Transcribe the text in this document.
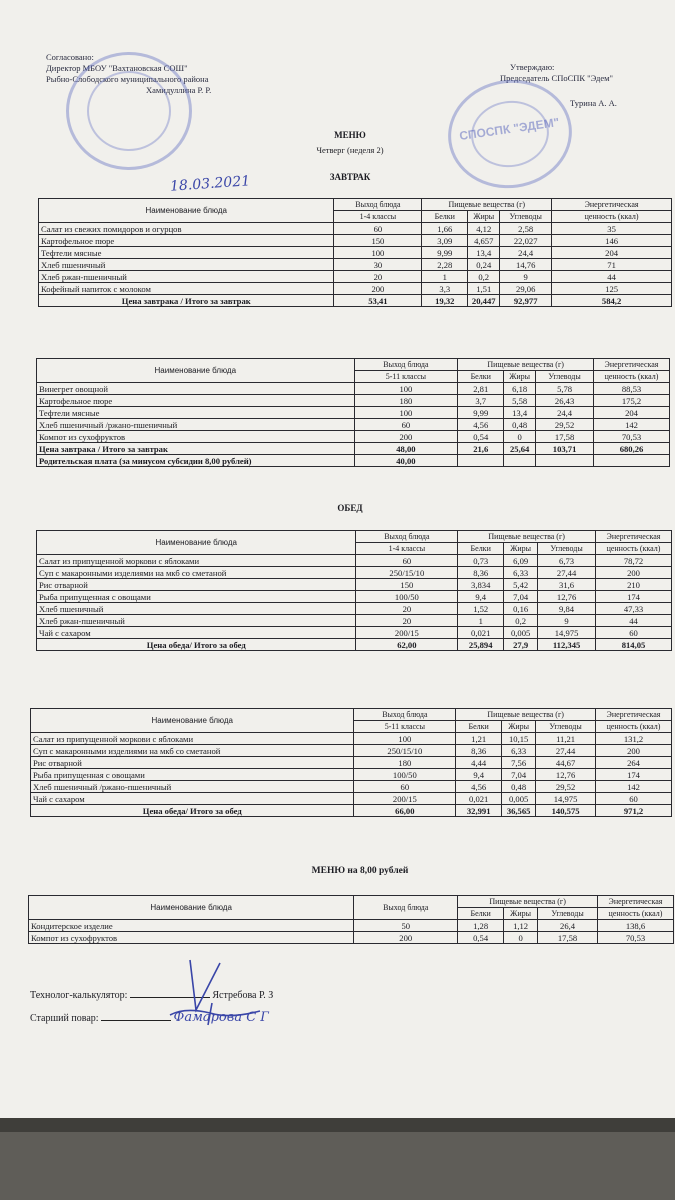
Согласовано:
Директор МБОУ "Вахтановская СОШ"
Рыбно-Слободского муниципального района
Хамидуллина Р. Р.
Утверждаю:
Председатель СПоСПК "Эдем"
Турина А. А.
СПОСПК "ЭДЕМ"
МЕНЮ
Четверг (неделя 2)
ЗАВТРАК
18.03.2021
Наименование блюда	Выход блюда	Пищевые вещества (г)			Энергетическая
	1-4 классы	Белки	Жиры	Углеводы	ценность (ккал)
Салат из свежих помидоров и огурцов	60	1,66	4,12	2,58	35
Картофельное пюре	150	3,09	4,657	22,027	146
Тефтели мясные	100	9,99	13,4	24,4	204
Хлеб пшеничный	30	2,28	0,24	14,76	71
Хлеб ржан-пшеничный	20	1	0,2	9	44
Кофейный напиток с молоком	200	3,3	1,51	29,06	125
Цена завтрака / Итого за завтрак	53,41	19,32	20,447	92,977	584,2
Наименование блюда	Выход блюда	Пищевые вещества (г)			Энергетическая
	5-11 классы	Белки	Жиры	Углеводы	ценность (ккал)
Винегрет овощной	100	2,81	6,18	5,78	88,53
Картофельное пюре	180	3,7	5,58	26,43	175,2
Тефтели мясные	100	9,99	13,4	24,4	204
Хлеб пшеничный /ржано-пшеничный	60	4,56	0,48	29,52	142
Компот из сухофруктов	200	0,54	0	17,58	70,53
Цена завтрака / Итого за завтрак	48,00	21,6	25,64	103,71	680,26
Родительская плата (за минусом субсидии 8,00 рублей)	40,00				
ОБЕД
Наименование блюда	Выход блюда	Пищевые вещества (г)			Энергетическая
	1-4 классы	Белки	Жиры	Углеводы	ценность (ккал)
Салат из припущенной моркови с яблоками	60	0,73	6,09	6,73	78,72
Суп с макаронными изделиями на мкб со сметаной	250/15/10	8,36	6,33	27,44	200
Рис отварной	150	3,834	5,42	31,6	210
Рыба припущенная с овощами	100/50	9,4	7,04	12,76	174
Хлеб пшеничный	20	1,52	0,16	9,84	47,33
Хлеб ржан-пшеничный	20	1	0,2	9	44
Чай с сахаром	200/15	0,021	0,005	14,975	60
Цена обеда/ Итого за обед	62,00	25,894	27,9	112,345	814,05
Наименование блюда	Выход блюда	Пищевые вещества (г)			Энергетическая
	5-11 классы	Белки	Жиры	Углеводы	ценность (ккал)
Салат из припущенной моркови с яблоками	100	1,21	10,15	11,21	131,2
Суп с макаронными изделиями на мкб со сметаной	250/15/10	8,36	6,33	27,44	200
Рис отварной	180	4,44	7,56	44,67	264
Рыба припущенная с овощами	100/50	9,4	7,04	12,76	174
Хлеб пшеничный /ржано-пшеничный	60	4,56	0,48	29,52	142
Чай с сахаром	200/15	0,021	0,005	14,975	60
Цена обеда/ Итого за обед	66,00	32,991	36,565	140,575	971,2
МЕНЮ на 8,00 рублей
Наименование блюда	Выход блюда	Пищевые вещества (г)			Энергетическая
		Белки	Жиры	Углеводы	ценность (ккал)
Кондитерское изделие	50	1,28	1,12	26,4	138,6
Компот из сухофруктов	200	0,54	0	17,58	70,53
Технолог-калькулятор:	Ястребова Р. З
Старший повар:	Фамарова С Г
